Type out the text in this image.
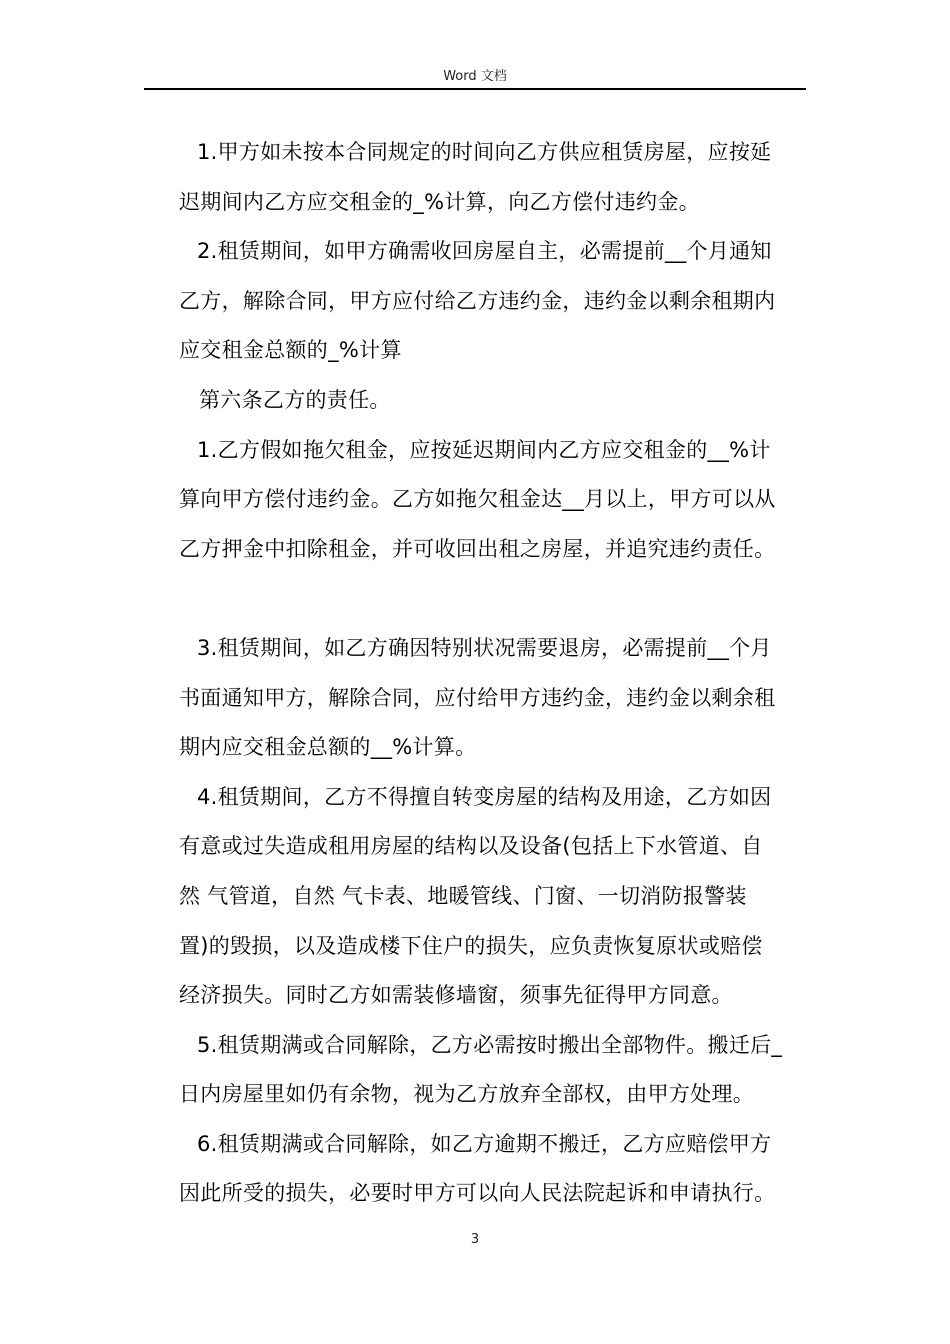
Word 文档
1.甲方如未按本合同规定的时间向乙方供应租赁房屋，应按延
迟期间内乙方应交租金的_%计算，向乙方偿付违约金。
2.租赁期间，如甲方确需收回房屋自主，必需提前__个月通知
乙方，解除合同，甲方应付给乙方违约金，违约金以剩余租期内
应交租金总额的_%计算
第六条乙方的责任。
1.乙方假如拖欠租金，应按延迟期间内乙方应交租金的__%计
算向甲方偿付违约金。乙方如拖欠租金达__月以上，甲方可以从
乙方押金中扣除租金，并可收回出租之房屋，并追究违约责任。
3.租赁期间，如乙方确因特别状况需要退房，必需提前__个月
书面通知甲方，解除合同，应付给甲方违约金，违约金以剩余租
期内应交租金总额的__%计算。
4.租赁期间，乙方不得擅自转变房屋的结构及用途，乙方如因
有意或过失造成租用房屋的结构以及设备(包括上下水管道、自
然 气管道，自然 气卡表、地暖管线、门窗、一切消防报警装
置)的毁损，以及造成楼下住户的损失，应负责恢复原状或赔偿
经济损失。同时乙方如需装修墙窗，须事先征得甲方同意。
5.租赁期满或合同解除，乙方必需按时搬出全部物件。搬迁后_
日内房屋里如仍有余物，视为乙方放弃全部权，由甲方处理。
6.租赁期满或合同解除，如乙方逾期不搬迁，乙方应赔偿甲方
因此所受的损失，必要时甲方可以向人民法院起诉和申请执行。
3
